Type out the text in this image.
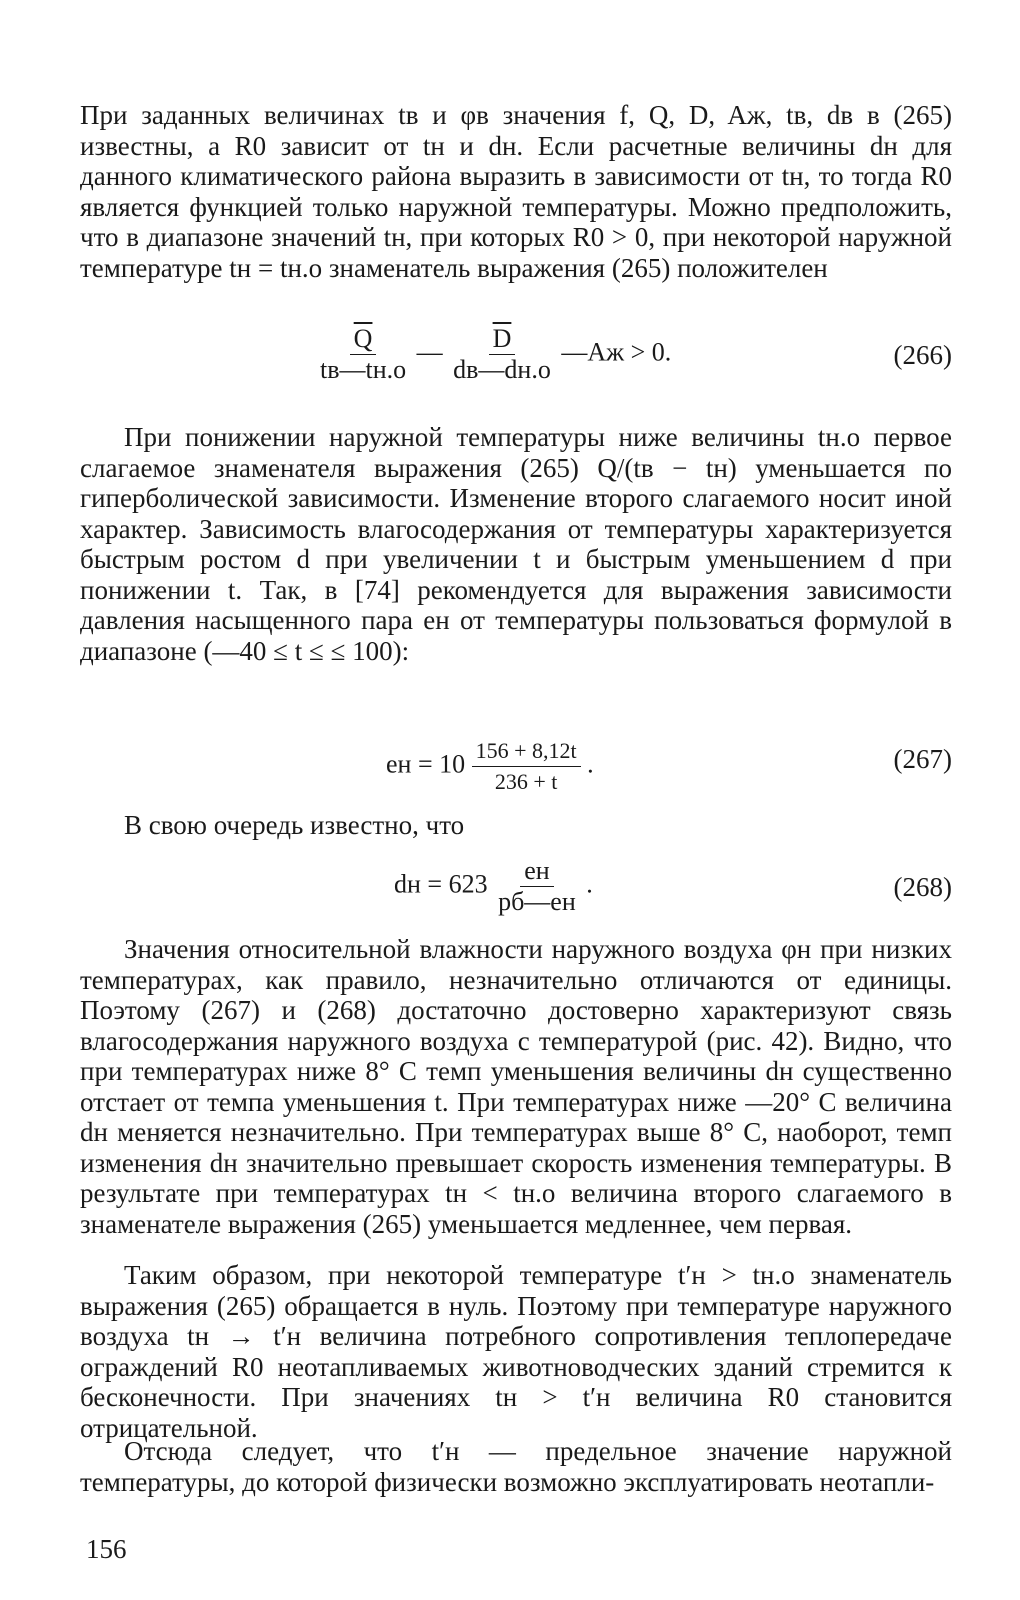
При заданных величинах tв и φв значения f, Q, D, Aж, tв, dв в (265) известны, а R0 зависит от tн и dн. Если расчетные величины dн для данного климатического района выразить в зависимости от tн, то тогда R0 является функцией только наружной температуры. Можно предположить, что в диапазоне значений tн, при которых R0 > 0, при некоторой наружной температуре tн = tн.о знаменатель выражения (265) положителен

$\frac{\overline{Q}}{tв—tн.о}$ — $\frac{\overline{D}}{dв—dн.о}$ —Aж > 0.	(266)

При понижении наружной температуры ниже величины tн.о первое слагаемое знаменателя выражения (265) Q/(tв − tн) уменьшается по гиперболической зависимости. Изменение второго слагаемого носит иной характер. Зависимость влагосодержания от температуры характеризуется быстрым ростом d при увеличении t и быстрым уменьшением d при понижении t. Так, в [74] рекомендуется для выражения зависимости давления насыщенного пара eн от температуры пользоваться формулой в диапазоне (—40 ≤ t ≤ ≤ 100):

eн = $10 \frac{156 + 8,12t}{236 + t}$ .	(267)

В свою очередь известно, что

dн = $623 \frac{eн}{pб—eн}$ .	(268)

Значения относительной влажности наружного воздуха φн при низких температурах, как правило, незначительно отличаются от единицы. Поэтому (267) и (268) достаточно достоверно характеризуют связь влагосодержания наружного воздуха с температурой (рис. 42). Видно, что при температурах ниже 8° С темп уменьшения величины dн существенно отстает от темпа уменьшения t. При температурах ниже —20° С величина dн меняется незначительно. При температурах выше 8° С, наоборот, темп изменения dн значительно превышает скорость изменения температуры. В результате при температурах tн < tн.о величина второго слагаемого в знаменателе выражения (265) уменьшается медленнее, чем первая.

Таким образом, при некоторой температуре t′н > tн.о знаменатель выражения (265) обращается в нуль. Поэтому при температуре наружного воздуха tн → t′н величина потребного сопротивления теплопередаче ограждений R0 неотапливаемых животноводческих зданий стремится к бесконечности. При значениях tн > t′н величина R0 становится отрицательной.

Отсюда следует, что t′н — предельное значение наружной температуры, до которой физически возможно эксплуатировать неотапли-

156
